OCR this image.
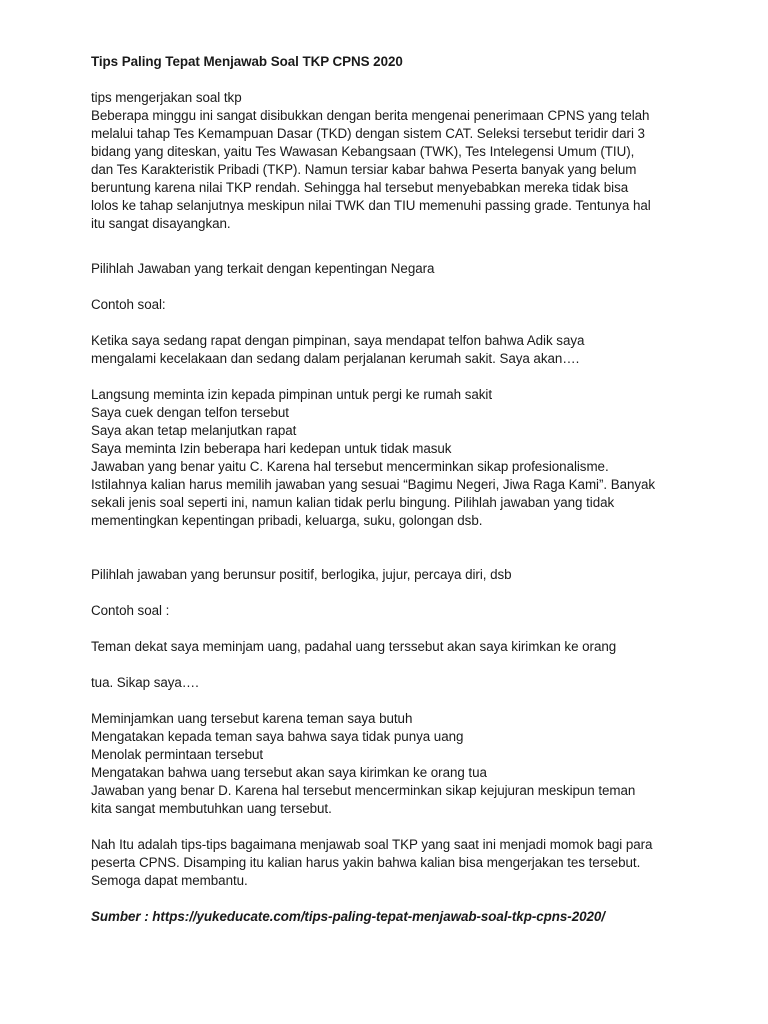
Tips Paling Tepat Menjawab Soal TKP CPNS 2020
tips mengerjakan soal tkp
Beberapa minggu ini sangat disibukkan dengan berita mengenai penerimaan CPNS yang telah
melalui tahap Tes Kemampuan Dasar (TKD) dengan sistem CAT. Seleksi tersebut teridir dari 3
bidang yang diteskan, yaitu Tes Wawasan Kebangsaan (TWK), Tes Intelegensi Umum (TIU),
dan Tes Karakteristik Pribadi (TKP). Namun tersiar kabar bahwa Peserta banyak yang belum
beruntung karena nilai TKP rendah. Sehingga hal tersebut menyebabkan mereka tidak bisa
lolos ke tahap selanjutnya meskipun nilai TWK dan TIU memenuhi passing grade. Tentunya hal
itu sangat disayangkan.
Pilihlah Jawaban yang terkait dengan kepentingan Negara
Contoh soal:
Ketika saya sedang rapat dengan pimpinan, saya mendapat telfon bahwa Adik saya
mengalami kecelakaan dan sedang dalam perjalanan kerumah sakit. Saya akan….
Langsung meminta izin kepada pimpinan untuk pergi ke rumah sakit
Saya cuek dengan telfon tersebut
Saya akan tetap melanjutkan rapat
Saya meminta Izin beberapa hari kedepan untuk tidak masuk
Jawaban yang benar yaitu C. Karena hal tersebut mencerminkan sikap profesionalisme.
Istilahnya kalian harus memilih jawaban yang sesuai “Bagimu Negeri, Jiwa Raga Kami”. Banyak
sekali jenis soal seperti ini, namun kalian tidak perlu bingung. Pilihlah jawaban yang tidak
mementingkan kepentingan pribadi, keluarga, suku, golongan dsb.
Pilihlah jawaban yang berunsur positif, berlogika, jujur, percaya diri, dsb
Contoh soal :
Teman dekat saya meminjam uang, padahal uang terssebut akan saya kirimkan ke orang
tua. Sikap saya….
Meminjamkan uang tersebut karena teman saya butuh
Mengatakan kepada teman saya bahwa saya tidak punya uang
Menolak permintaan tersebut
Mengatakan bahwa uang tersebut akan saya kirimkan ke orang tua
Jawaban yang benar D. Karena hal tersebut mencerminkan sikap kejujuran meskipun teman
kita sangat membutuhkan uang tersebut.
Nah Itu adalah tips-tips bagaimana menjawab soal TKP yang saat ini menjadi momok bagi para
peserta CPNS. Disamping itu kalian harus yakin bahwa kalian bisa mengerjakan tes tersebut.
Semoga dapat membantu.
Sumber : https://yukeducate.com/tips-paling-tepat-menjawab-soal-tkp-cpns-2020/
